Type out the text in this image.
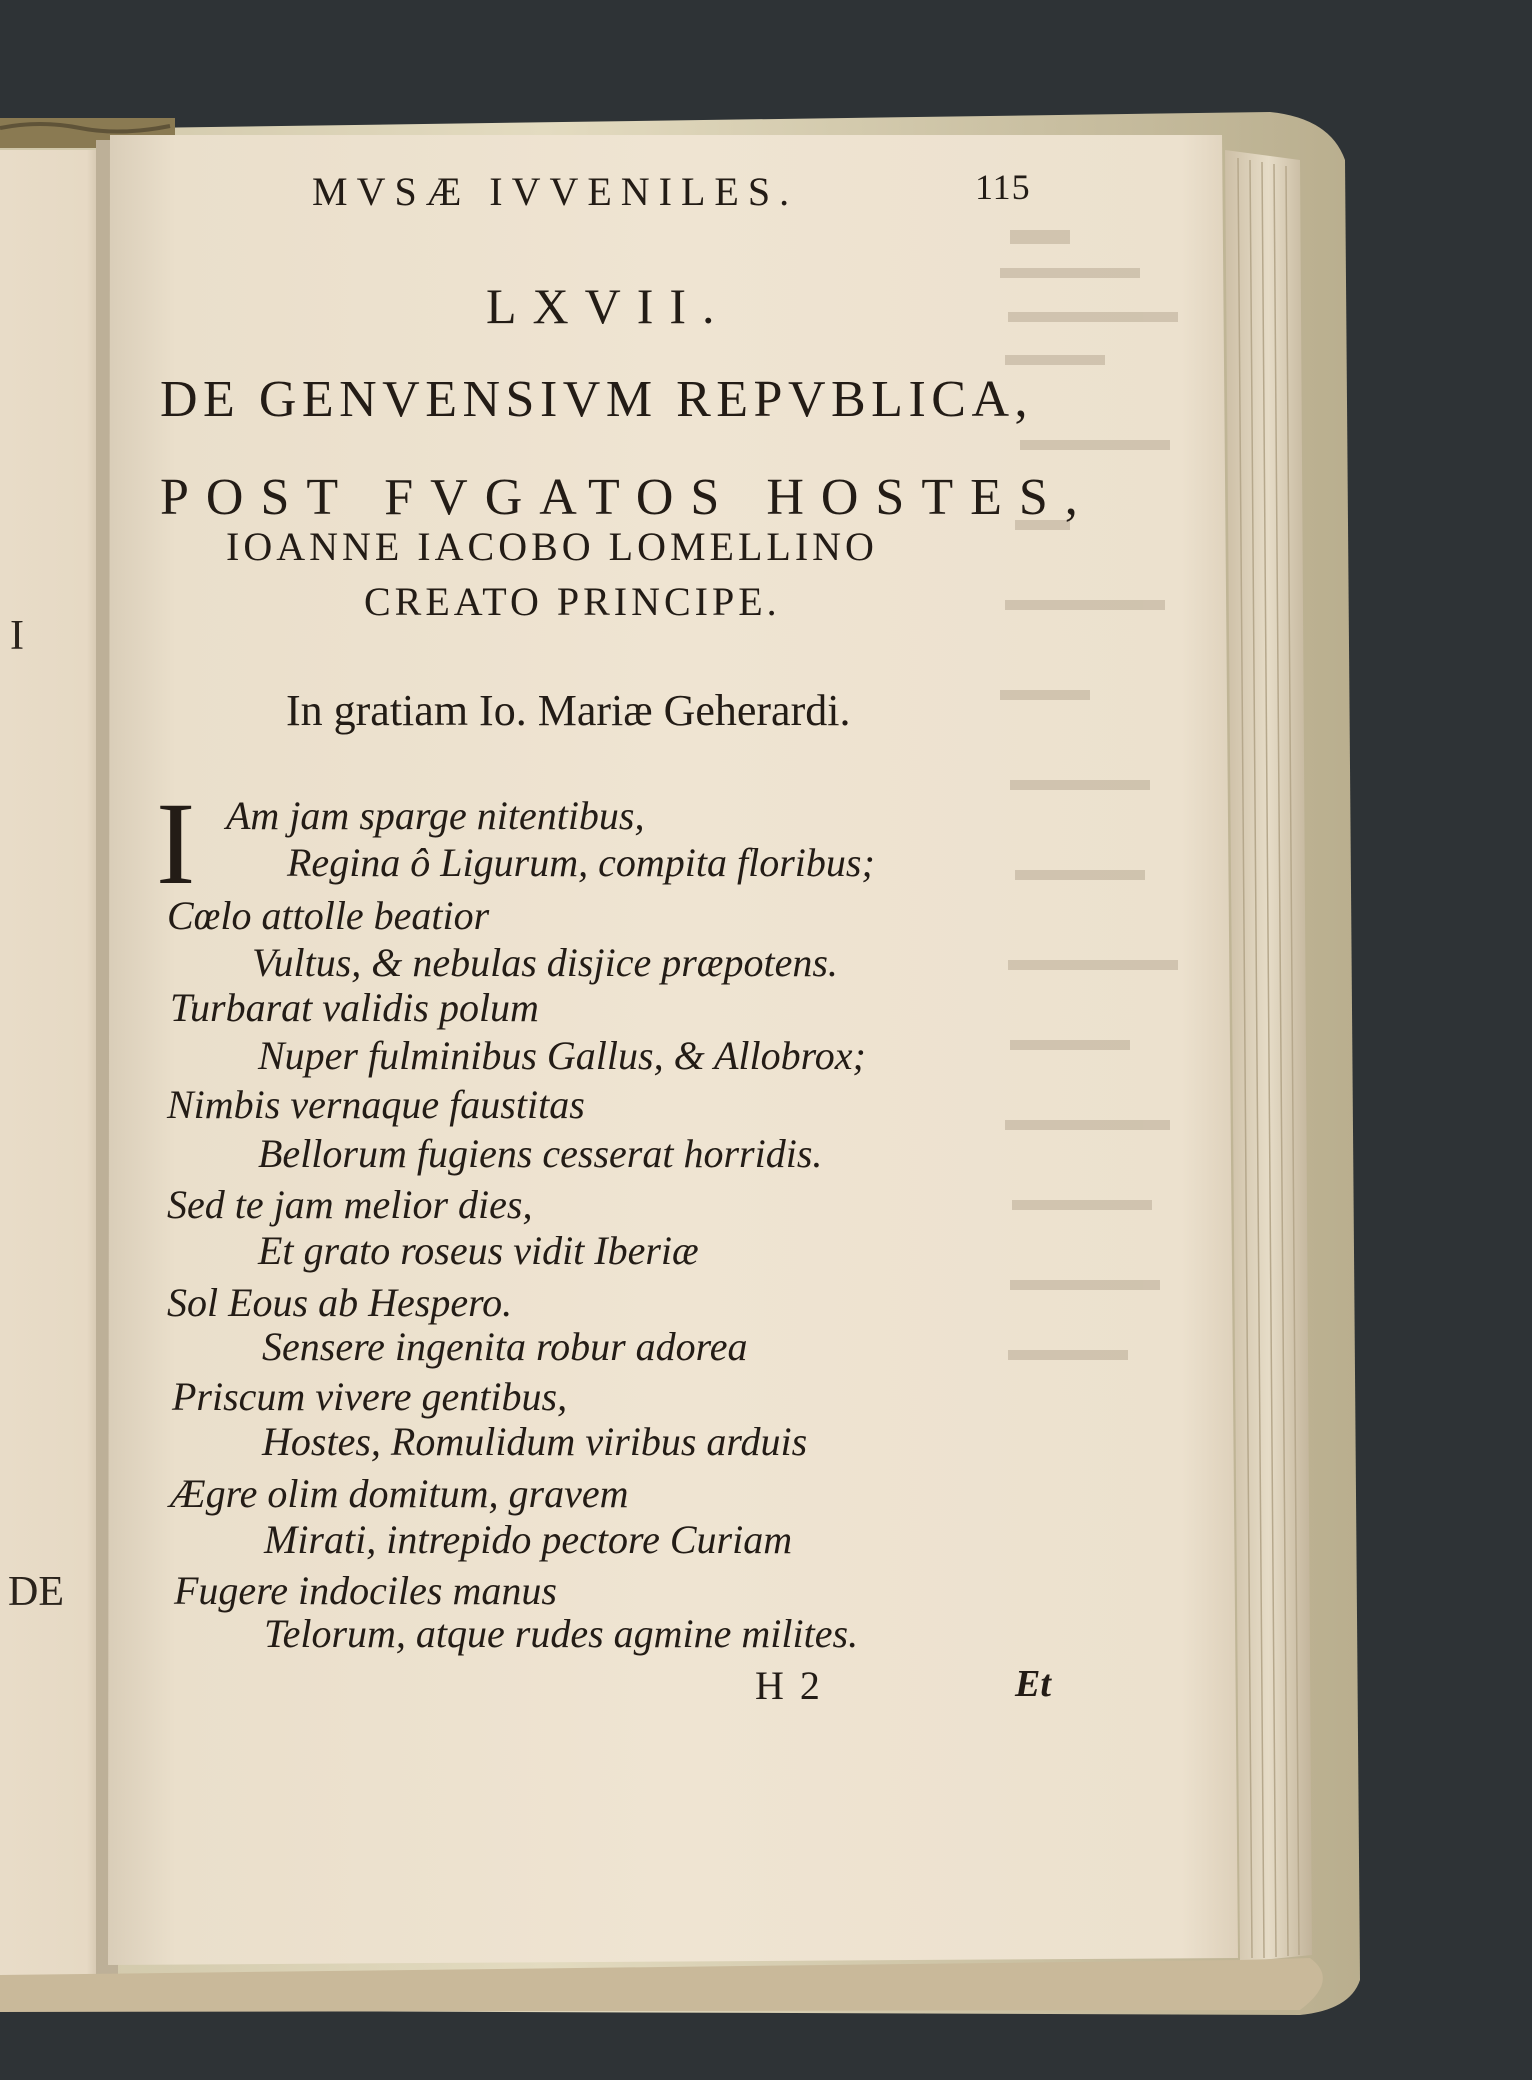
I
DE
MVSÆ IVVENILES.	115
LXVII.
DE GENVENSIVM REPVBLICA,
POST FVGATOS HOSTES,
IOANNE IACOBO LOMELLINO
CREATO PRINCIPE.
In gratiam Io. Mariæ Geherardi.
I Am jam sparge nitentibus,
Regina ô Ligurum, compita floribus;
Cœlo attolle beatior
Vultus, & nebulas disjice præpotens.
Turbarat validis polum
Nuper fulminibus Gallus, & Allobrox;
Nimbis vernaque faustitas
Bellorum fugiens cesserat horridis.
Sed te jam melior dies,
Et grato roseus vidit Iberiæ
Sol Eous ab Hespero.
Sensere ingenita robur adorea
Priscum vivere gentibus,
Hostes, Romulidum viribus arduis
Ægre olim domitum, gravem
Mirati, intrepido pectore Curiam
Fugere indociles manus
Telorum, atque rudes agmine milites.
H 2	Et
